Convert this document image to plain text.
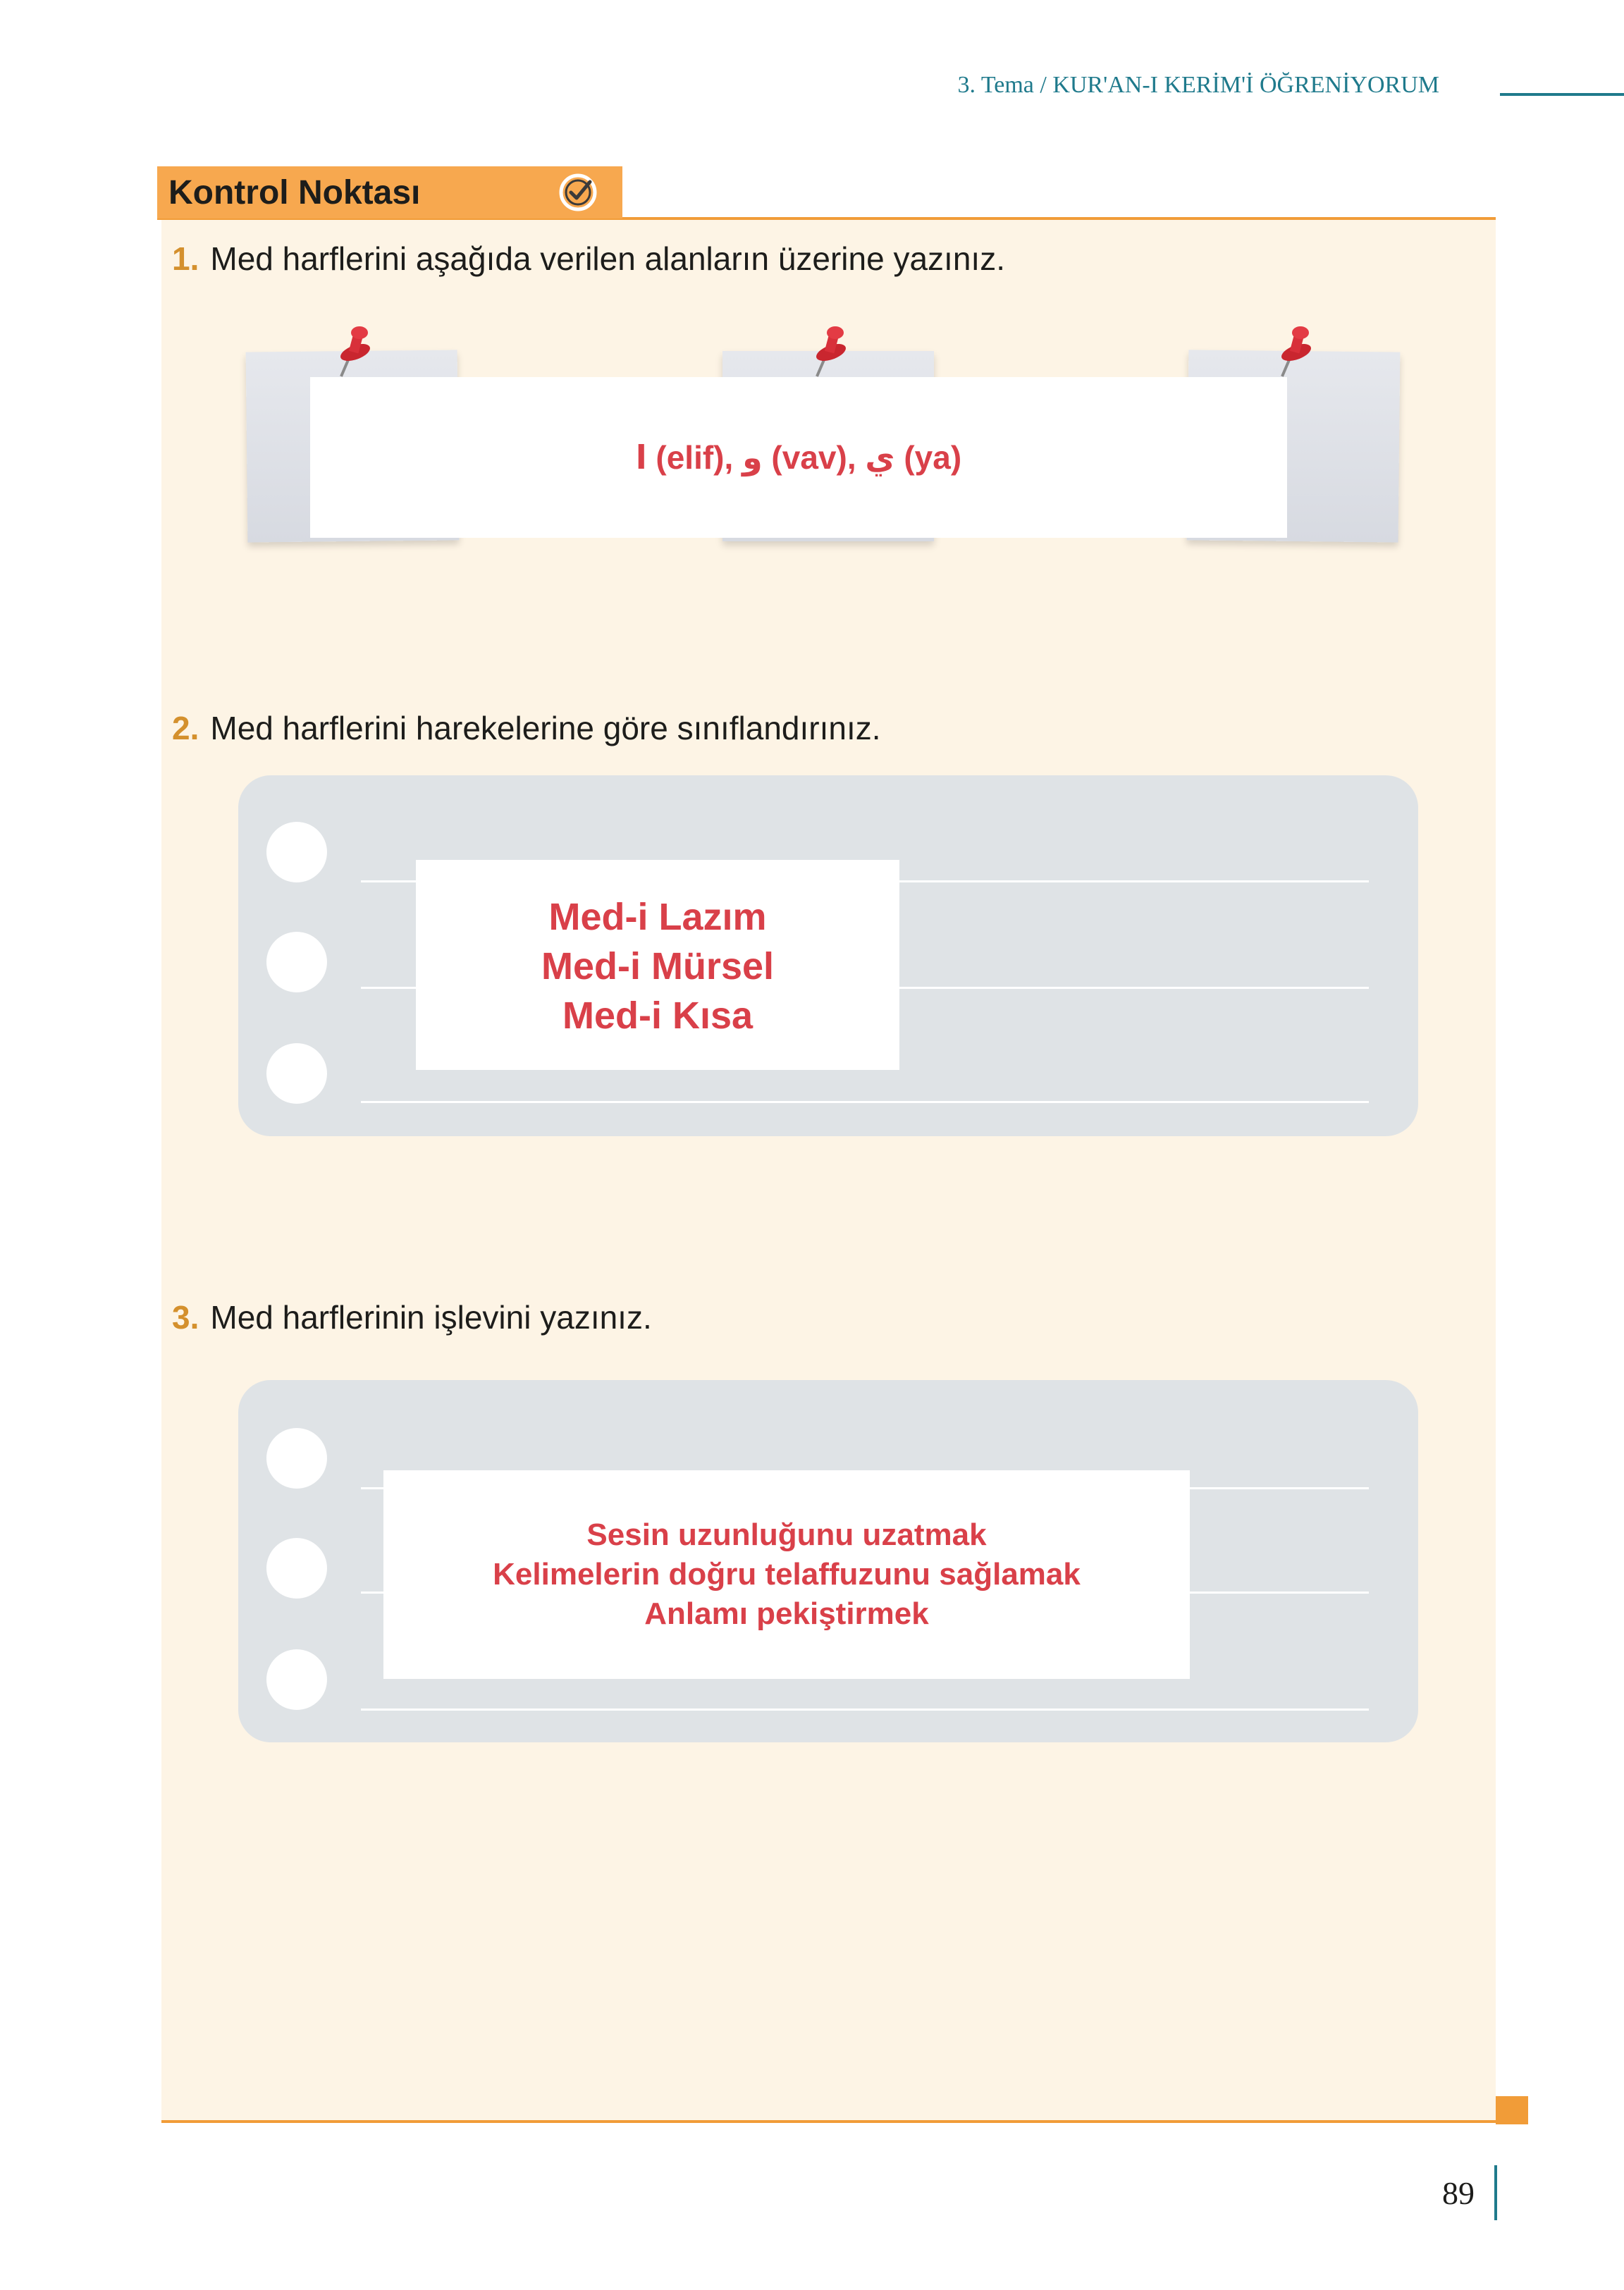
3. Tema / KUR'AN-I KERİM'İ ÖĞRENİYORUM
Kontrol Noktası
1. Med harflerini aşağıda verilen alanların üzerine yazınız.
ا (elif), و (vav), ي (ya)
2. Med harflerini harekelerine göre sınıflandırınız.
Med-i Lazım
Med-i Mürsel
Med-i Kısa
3. Med harflerinin işlevini yazınız.
Sesin uzunluğunu uzatmak
Kelimelerin doğru telaffuzunu sağlamak
Anlamı pekiştirmek
89
